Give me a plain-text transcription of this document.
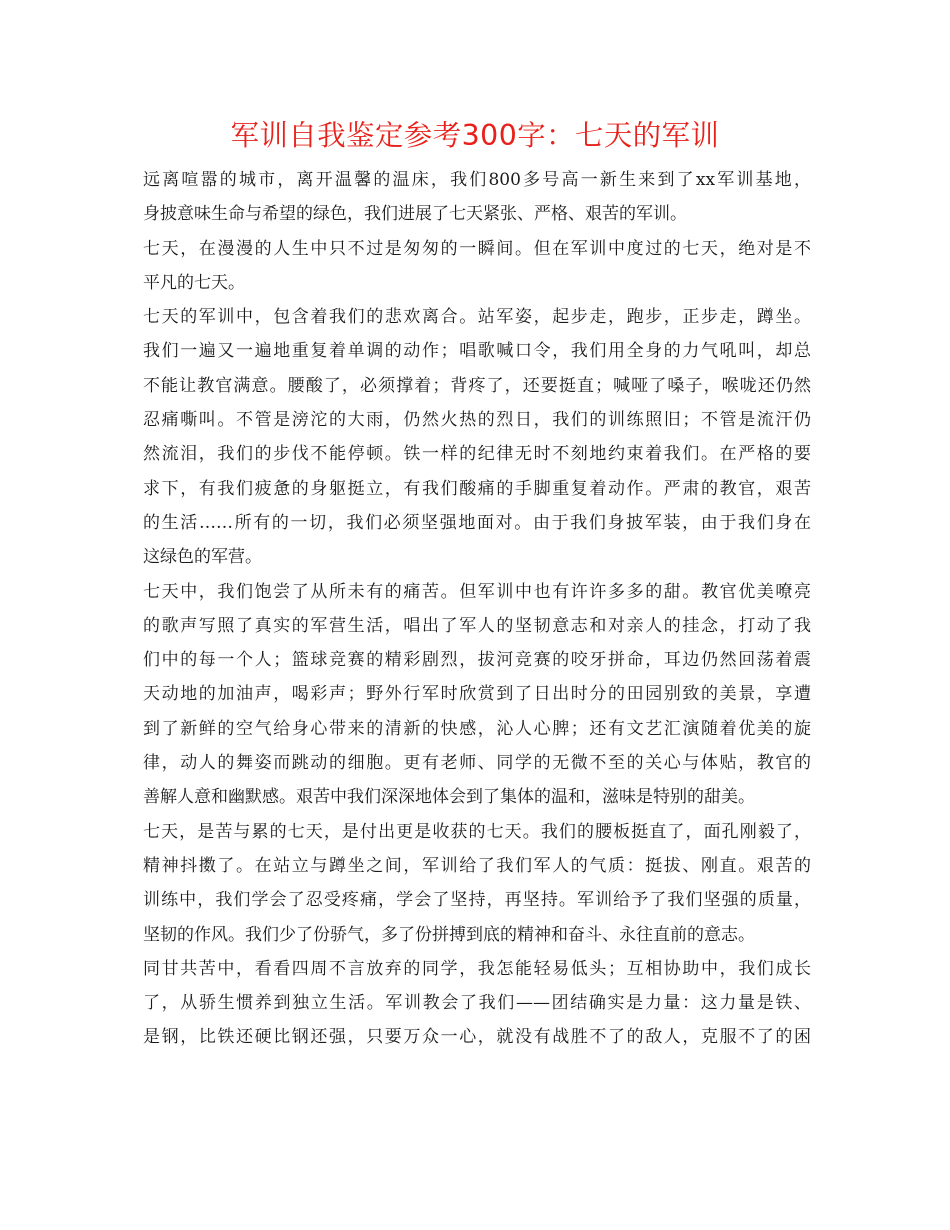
军训自我鉴定参考300字：七天的军训
远离喧嚣的城市，离开温馨的温床，我们800多号高一新生来到了xx军训基地，
身披意味生命与希望的绿色，我们进展了七天紧张、严格、艰苦的军训。
七天，在漫漫的人生中只不过是匆匆的一瞬间。但在军训中度过的七天，绝对是不
平凡的七天。
七天的军训中，包含着我们的悲欢离合。站军姿，起步走，跑步，正步走，蹲坐。
我们一遍又一遍地重复着单调的动作；唱歌喊口令，我们用全身的力气吼叫，却总
不能让教官满意。腰酸了，必须撑着；背疼了，还要挺直；喊哑了嗓子，喉咙还仍然
忍痛嘶叫。不管是滂沱的大雨，仍然火热的烈日，我们的训练照旧；不管是流汗仍
然流泪，我们的步伐不能停顿。铁一样的纪律无时不刻地约束着我们。在严格的要
求下，有我们疲惫的身躯挺立，有我们酸痛的手脚重复着动作。严肃的教官，艰苦
的生活……所有的一切，我们必须坚强地面对。由于我们身披军装，由于我们身在
这绿色的军营。
七天中，我们饱尝了从所未有的痛苦。但军训中也有许许多多的甜。教官优美嘹亮
的歌声写照了真实的军营生活，唱出了军人的坚韧意志和对亲人的挂念，打动了我
们中的每一个人；篮球竞赛的精彩剧烈，拔河竞赛的咬牙拼命，耳边仍然回荡着震
天动地的加油声，喝彩声；野外行军时欣赏到了日出时分的田园别致的美景，享遭
到了新鲜的空气给身心带来的清新的快感，沁人心脾；还有文艺汇演随着优美的旋
律，动人的舞姿而跳动的细胞。更有老师、同学的无微不至的关心与体贴，教官的
善解人意和幽默感。艰苦中我们深深地体会到了集体的温和，滋味是特别的甜美。
七天，是苦与累的七天，是付出更是收获的七天。我们的腰板挺直了，面孔刚毅了，
精神抖擞了。在站立与蹲坐之间，军训给了我们军人的气质：挺拔、刚直。艰苦的
训练中，我们学会了忍受疼痛，学会了坚持，再坚持。军训给予了我们坚强的质量，
坚韧的作风。我们少了份骄气，多了份拼搏到底的精神和奋斗、永往直前的意志。
同甘共苦中，看看四周不言放弃的同学，我怎能轻易低头；互相协助中，我们成长
了，从骄生惯养到独立生活。军训教会了我们——团结确实是力量：这力量是铁、
是钢，比铁还硬比钢还强，只要万众一心，就没有战胜不了的敌人，克服不了的困
